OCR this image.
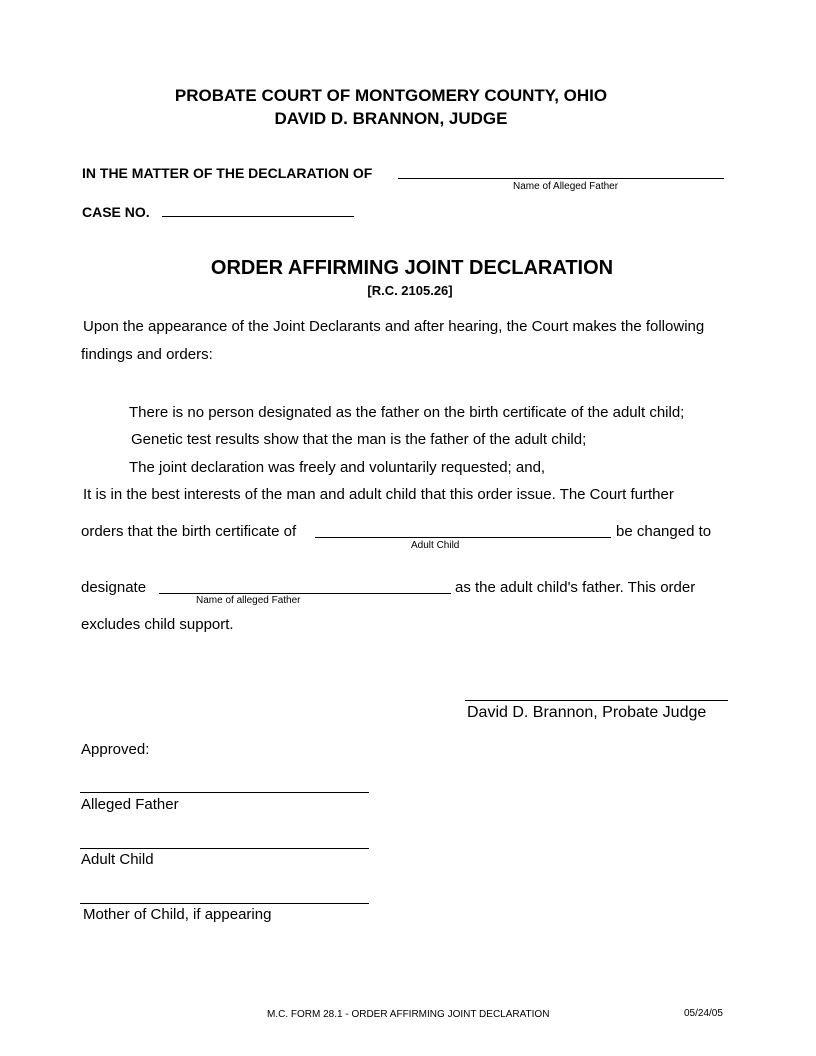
PROBATE COURT OF MONTGOMERY COUNTY, OHIO
DAVID D. BRANNON, JUDGE
IN THE MATTER OF THE DECLARATION OF
Name of Alleged Father
CASE NO.
ORDER AFFIRMING JOINT DECLARATION
[R.C. 2105.26]
Upon the appearance of the Joint Declarants and after hearing, the Court makes the following
findings and orders:
There is no person designated as the father on the birth certificate of the adult child;
Genetic test results show that the man is the father of the adult child;
The joint declaration was freely and voluntarily requested; and,
It is in the best interests of the man and adult child that this order issue. The Court further
orders that the birth certificate of
Adult Child
be changed to
designate
Name of alleged Father
as the adult child's father. This order
excludes child support.
David D. Brannon, Probate Judge
Approved:
Alleged Father
Adult Child
Mother of Child, if appearing
M.C. FORM 28.1 - ORDER AFFIRMING JOINT DECLARATION	05/24/05
